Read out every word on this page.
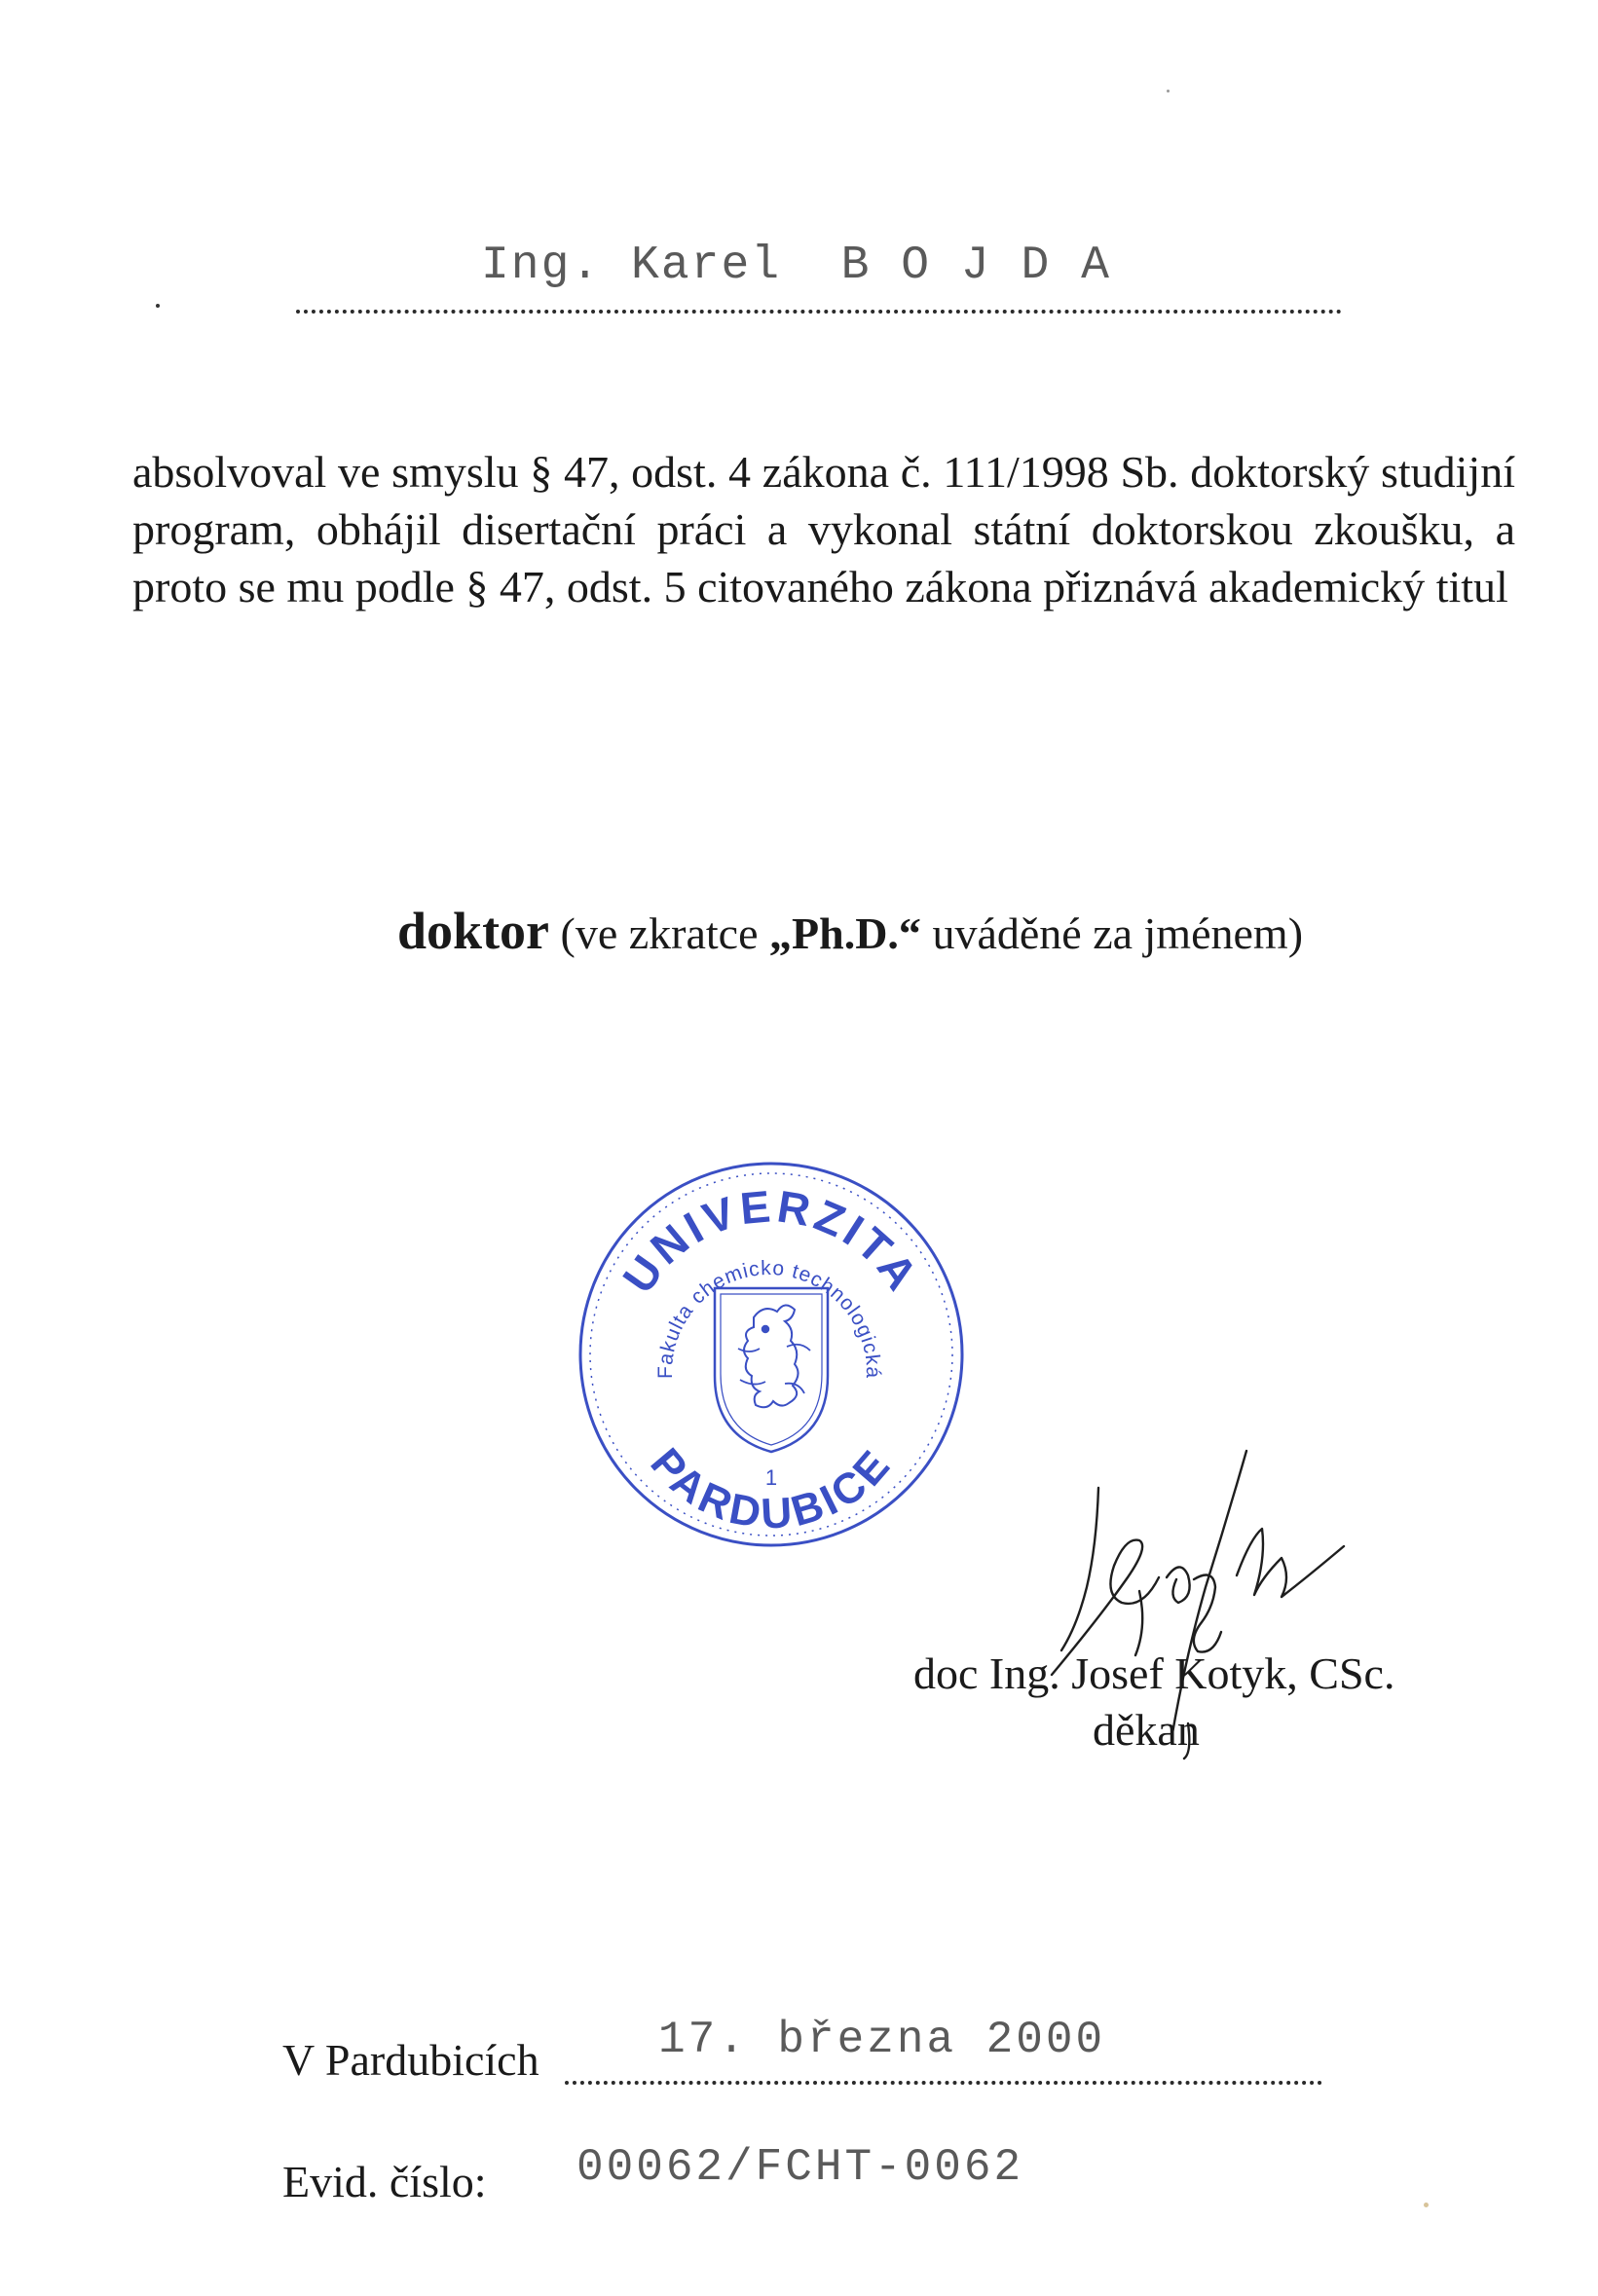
Ing. Karel  B O J D A

absolvoval ve smyslu § 47, odst. 4 zákona č. 111/1998 Sb. doktorský studijní program, obhájil disertační práci a vykonal státní doktorskou zkoušku, a proto se mu podle § 47, odst. 5 citovaného zákona přiznává akademický titul

doktor (ve zkratce „Ph.D.“ uváděné za jménem)
UNIVERZITA
PARDUBICE
Fakulta chemicko technologická
1
doc Ing. Josef Kotyk, CSc.
děkan
V Pardubicích	17. března 2000
Evid. číslo: 00062/FCHT-0062
